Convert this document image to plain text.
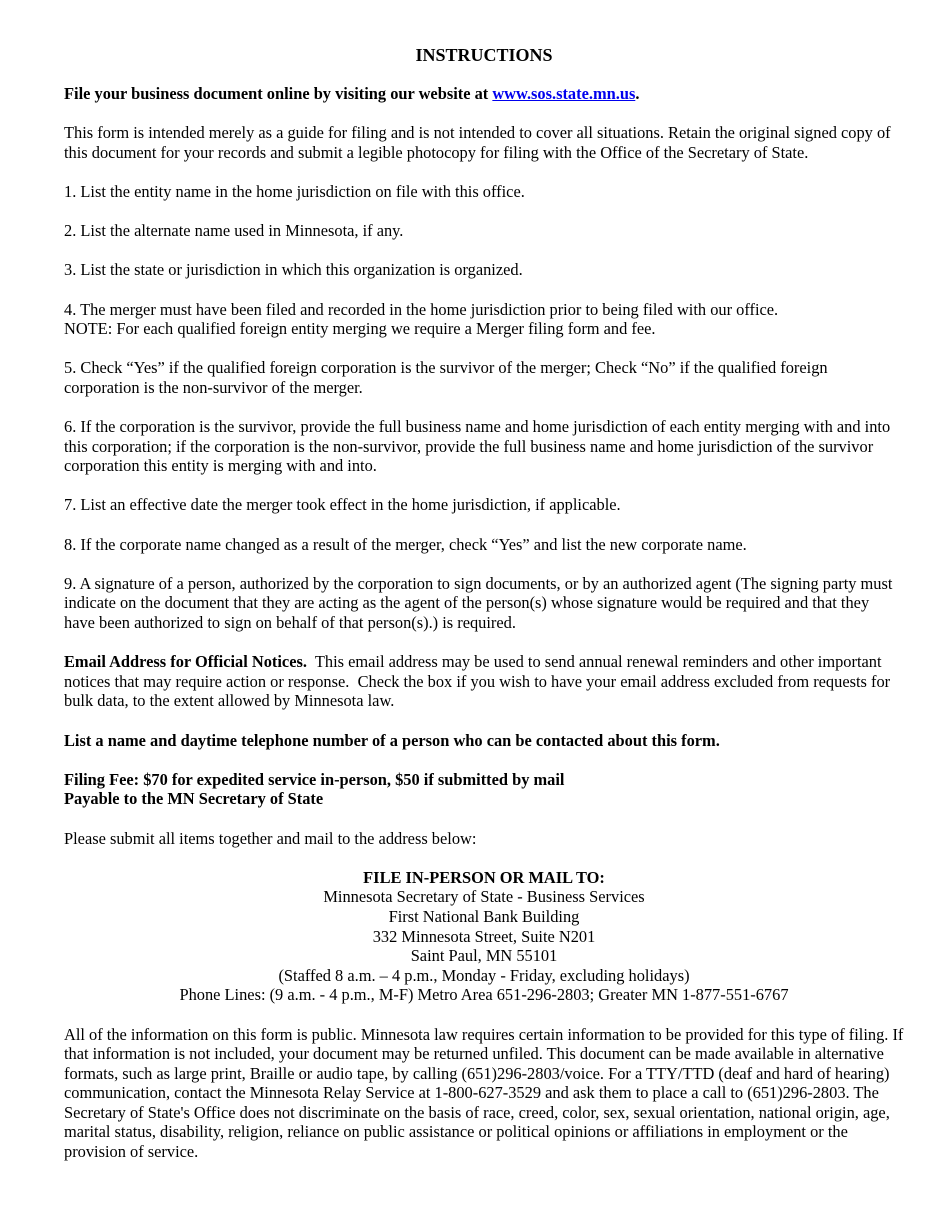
INSTRUCTIONS

File your business document online by visiting our website at www.sos.state.mn.us.

This form is intended merely as a guide for filing and is not intended to cover all situations. Retain the original signed copy of this document for your records and submit a legible photocopy for filing with the Office of the Secretary of State.

1. List the entity name in the home jurisdiction on file with this office.

2. List the alternate name used in Minnesota, if any.

3. List the state or jurisdiction in which this organization is organized.

4. The merger must have been filed and recorded in the home jurisdiction prior to being filed with our office.
NOTE: For each qualified foreign entity merging we require a Merger filing form and fee.

5. Check “Yes” if the qualified foreign corporation is the survivor of the merger; Check “No” if the qualified foreign corporation is the non-survivor of the merger.

6. If the corporation is the survivor, provide the full business name and home jurisdiction of each entity merging with and into this corporation; if the corporation is the non-survivor, provide the full business name and home jurisdiction of the survivor corporation this entity is merging with and into.

7. List an effective date the merger took effect in the home jurisdiction, if applicable.

8. If the corporate name changed as a result of the merger, check “Yes” and list the new corporate name.

9. A signature of a person, authorized by the corporation to sign documents, or by an authorized agent (The signing party must indicate on the document that they are acting as the agent of the person(s) whose signature would be required and that they have been authorized to sign on behalf of that person(s).) is required.

Email Address for Official Notices.  This email address may be used to send annual renewal reminders and other important notices that may require action or response.  Check the box if you wish to have your email address excluded from requests for bulk data, to the extent allowed by Minnesota law.

List a name and daytime telephone number of a person who can be contacted about this form.

Filing Fee: $70 for expedited service in-person, $50 if submitted by mail
Payable to the MN Secretary of State

Please submit all items together and mail to the address below:

FILE IN-PERSON OR MAIL TO:
Minnesota Secretary of State - Business Services
First National Bank Building
332 Minnesota Street, Suite N201
Saint Paul, MN 55101
(Staffed 8 a.m. – 4 p.m., Monday - Friday, excluding holidays)
Phone Lines: (9 a.m. - 4 p.m., M-F) Metro Area 651-296-2803; Greater MN 1-877-551-6767

All of the information on this form is public. Minnesota law requires certain information to be provided for this type of filing. If that information is not included, your document may be returned unfiled. This document can be made available in alternative formats, such as large print, Braille or audio tape, by calling (651)296-2803/voice. For a TTY/TTD (deaf and hard of hearing) communication, contact the Minnesota Relay Service at 1-800-627-3529 and ask them to place a call to (651)296-2803. The Secretary of State's Office does not discriminate on the basis of race, creed, color, sex, sexual orientation, national origin, age, marital status, disability, religion, reliance on public assistance or political opinions or affiliations in employment or the provision of service.
